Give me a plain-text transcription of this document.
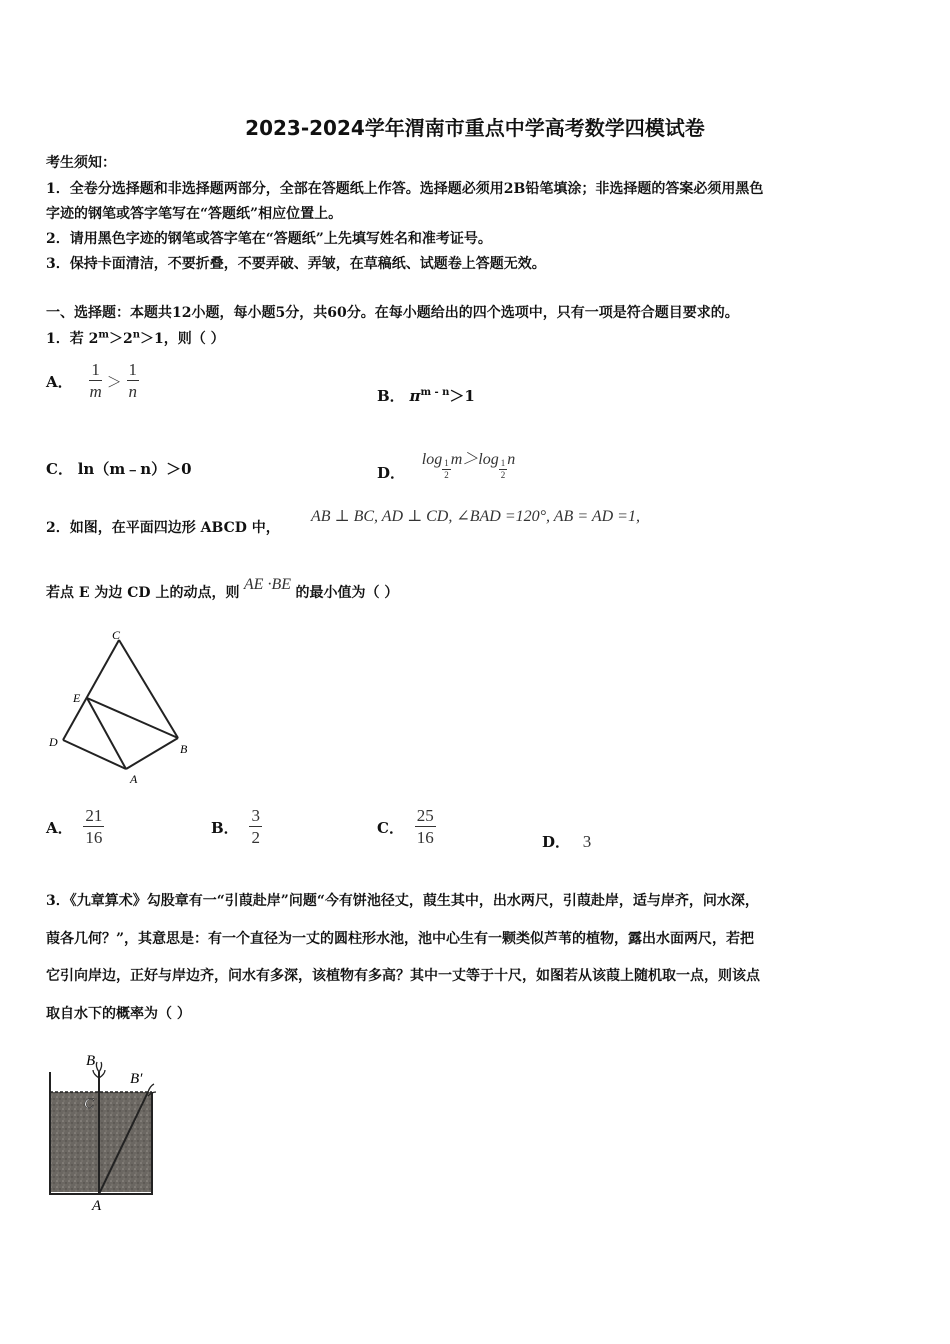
2023-2024学年渭南市重点中学高考数学四模试卷
考生须知：
1．全卷分选择题和非选择题两部分，全部在答题纸上作答。选择题必须用2B铅笔填涂；非选择题的答案必须用黑色
字迹的钢笔或答字笔写在“答题纸”相应位置上。
2．请用黑色字迹的钢笔或答字笔在“答题纸”上先填写姓名和准考证号。
3．保持卡面清洁，不要折叠，不要弄破、弄皱，在草稿纸、试题卷上答题无效。
一、选择题：本题共12小题，每小题5分，共60分。在每小题给出的四个选项中，只有一项是符合题目要求的。
1．若 $2^m>2^n>1$，则（ ）
A． $\frac{1}{m} > \frac{1}{n}$	B． $\pi^{m - n}>1$
C． ln（m﹣n）＞0	D． $\log \frac{1}{2} m>\log \frac{1}{2}$ n
2．如图，在平面四边形 ABCD 中，
AB ⊥ BC, AD ⊥ CD, ∠BAD =120°, AB = AD =1,
若点 E 为边 CD 上的动点，则 AE ·BE 的最小值为（ ）
C
E
D	B
A
A． $\frac{21}{16}$	B． $\frac{3}{2}$	C． $\frac{25}{16}$	D． 3
3．《九章算术》勾股章有一“引葭赴岸”问题“今有饼池径丈，葭生其中，出水两尺，引葭赴岸，适与岸齐，问水深，
葭各几何？”，其意思是：有一个直径为一丈的圆柱形水池，池中心生有一颗类似芦苇的植物，露出水面两尺，若把
它引向岸边，正好与岸边齐，问水有多深，该植物有多高？其中一丈等于十尺，如图若从该葭上随机取一点，则该点
取自水下的概率为（ ）
B
B′
C
A
